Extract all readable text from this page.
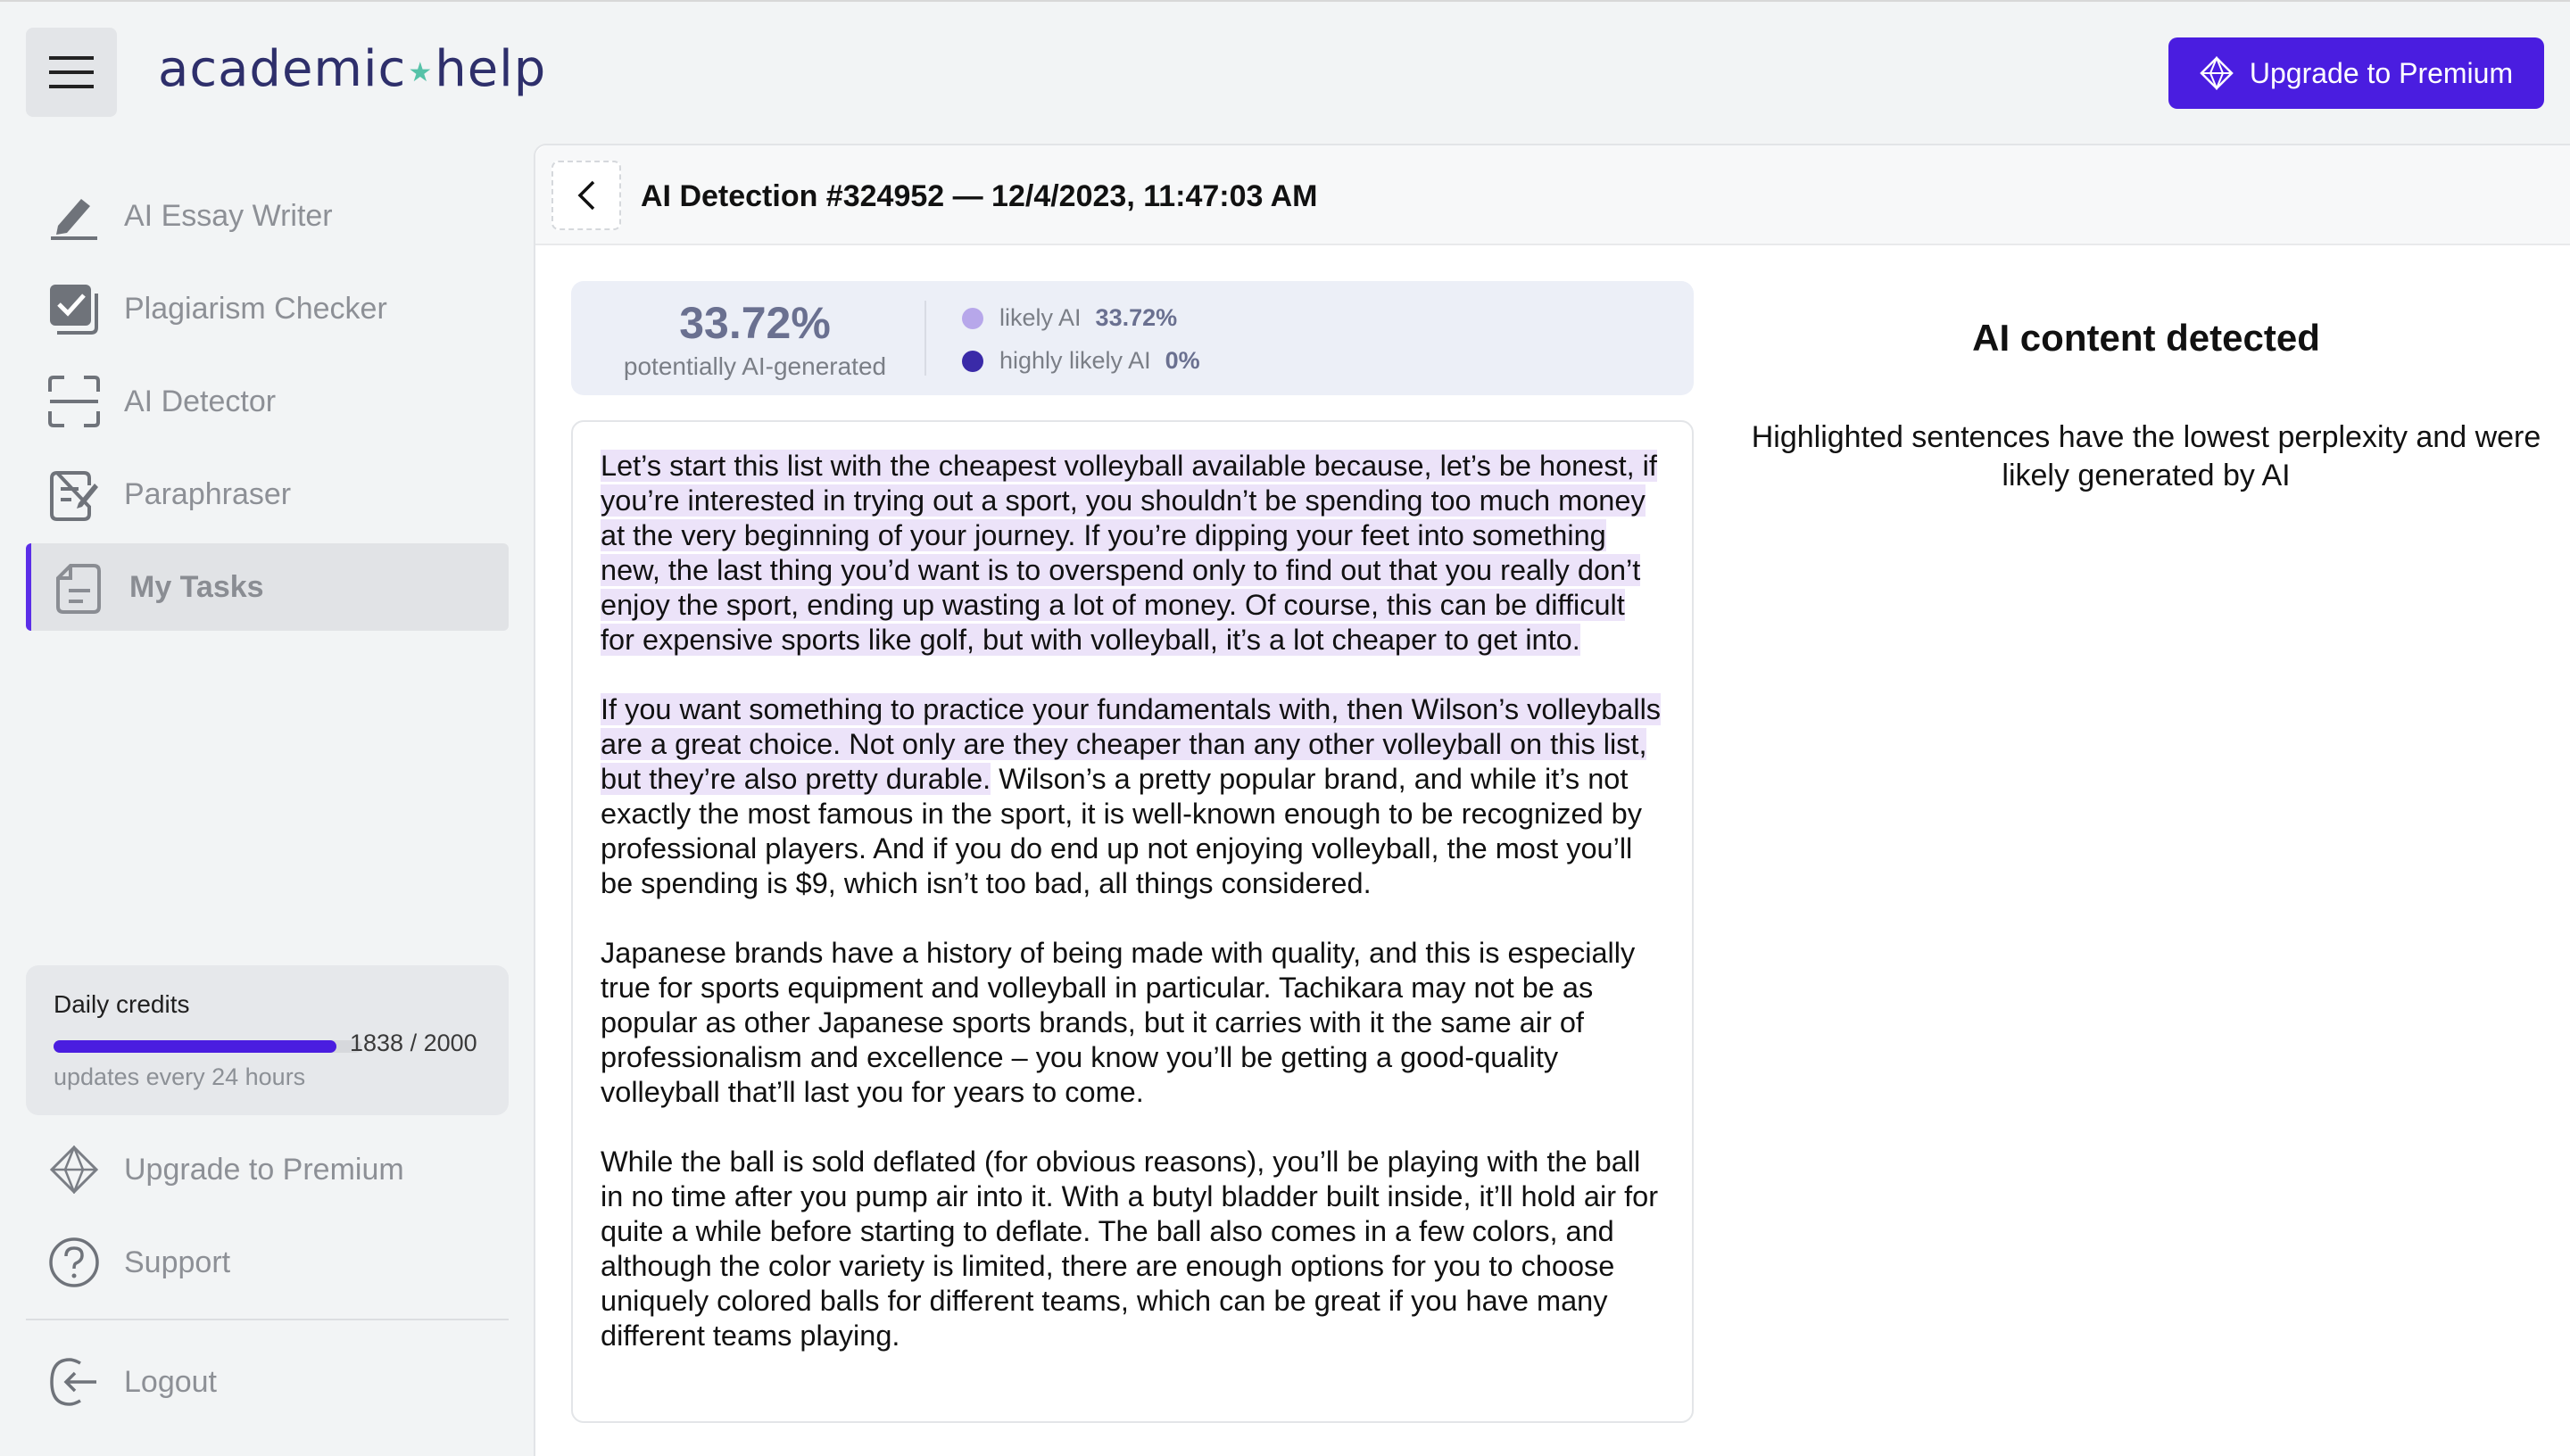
academic ★ help	Upgrade to Premium
AI Essay Writer
Plagiarism Checker
AI Detector
Paraphraser
My Tasks
Daily credits
1838 / 2000
updates every 24 hours
Upgrade to Premium
Support
Logout
AI Detection #324952 — 12/4/2023, 11:47:03 AM
33.72%
potentially AI-generated
likely AI 33.72%
highly likely AI 0%

Let’s start this list with the cheapest volleyball available because, let’s be honest, if you’re interested in trying out a sport, you shouldn’t be spending too much money at the very beginning of your journey. If you’re dipping your feet into something new, the last thing you’d want is to overspend only to find out that you really don’t enjoy the sport, ending up wasting a lot of money. Of course, this can be difficult for expensive sports like golf, but with volleyball, it’s a lot cheaper to get into.

If you want something to practice your fundamentals with, then Wilson’s volleyballs are a great choice. Not only are they cheaper than any other volleyball on this list, but they’re also pretty durable. Wilson’s a pretty popular brand, and while it’s not exactly the most famous in the sport, it is well-known enough to be recognized by professional players. And if you do end up not enjoying volleyball, the most you’ll be spending is $9, which isn’t too bad, all things considered.

Japanese brands have a history of being made with quality, and this is especially true for sports equipment and volleyball in particular. Tachikara may not be as popular as other Japanese sports brands, but it carries with it the same air of professionalism and excellence – you know you’ll be getting a good-quality volleyball that’ll last you for years to come.

While the ball is sold deflated (for obvious reasons), you’ll be playing with the ball in no time after you pump air into it. With a butyl bladder built inside, it’ll hold air for quite a while before starting to deflate. The ball also comes in a few colors, and although the color variety is limited, there are enough options for you to choose uniquely colored balls for different teams, which can be great if you have many different teams playing.

AI content detected
Highlighted sentences have the lowest perplexity and were likely generated by AI
